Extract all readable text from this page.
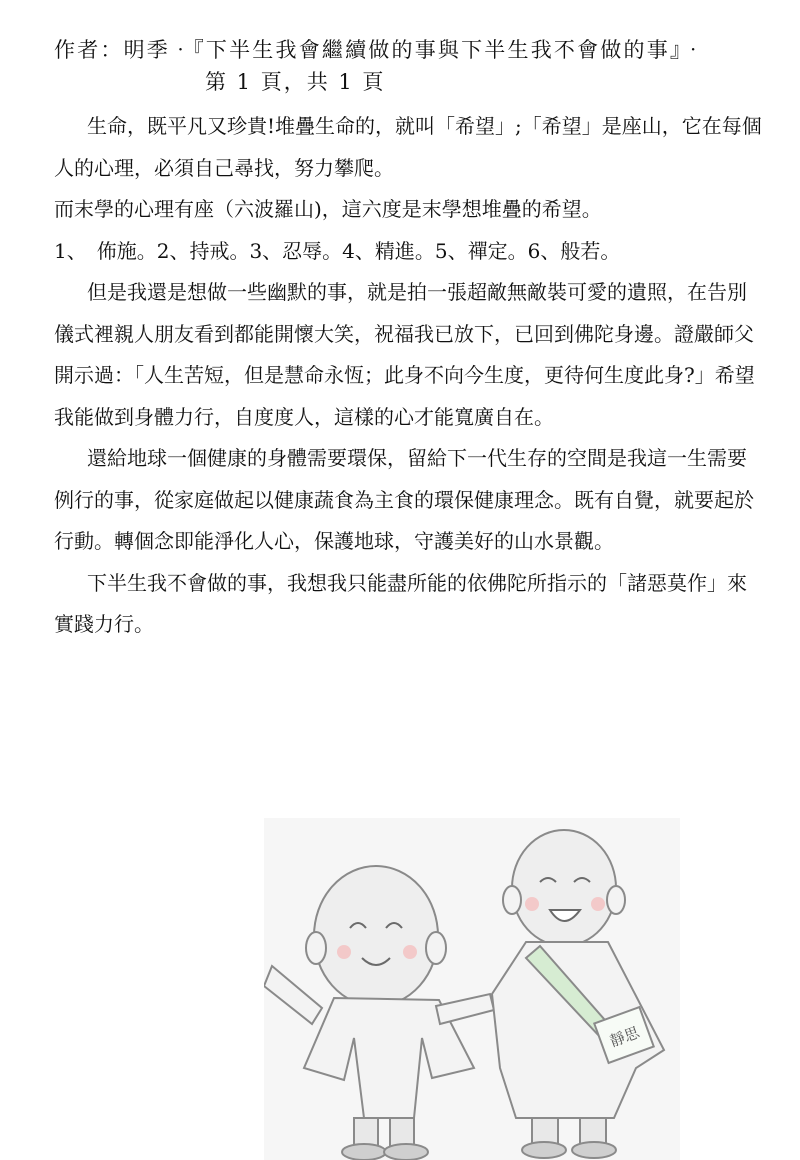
作者：明季‧『下半生我會繼續做的事與下半生我不會做的事』‧
第 1 頁，共 1 頁

生命，既平凡又珍貴!堆疊生命的，就叫「希望」;「希望」是座山，它在每個人的心理，必須自己尋找，努力攀爬。

而末學的心理有座（六波羅山)，這六度是末學想堆疊的希望。

1、　佈施。2、持戒。3、忍辱。4、精進。5、禪定。6、般若。

但是我還是想做一些幽默的事，就是拍一張超敵無敵裝可愛的遺照，在告別儀式裡親人朋友看到都能開懷大笑，祝福我已放下，已回到佛陀身邊。證嚴師父開示過：「人生苦短，但是慧命永恆；此身不向今生度，更待何生度此身?」希望我能做到身體力行，自度度人，這樣的心才能寬廣自在。

還給地球一個健康的身體需要環保，留給下一代生存的空間是我這一生需要例行的事，從家庭做起以健康蔬食為主食的環保健康理念。既有自覺，就要起於行動。轉個念即能淨化人心，保護地球，守護美好的山水景觀。

下半生我不會做的事，我想我只能盡所能的依佛陀所指示的「諸惡莫作」來實踐力行。

靜思
